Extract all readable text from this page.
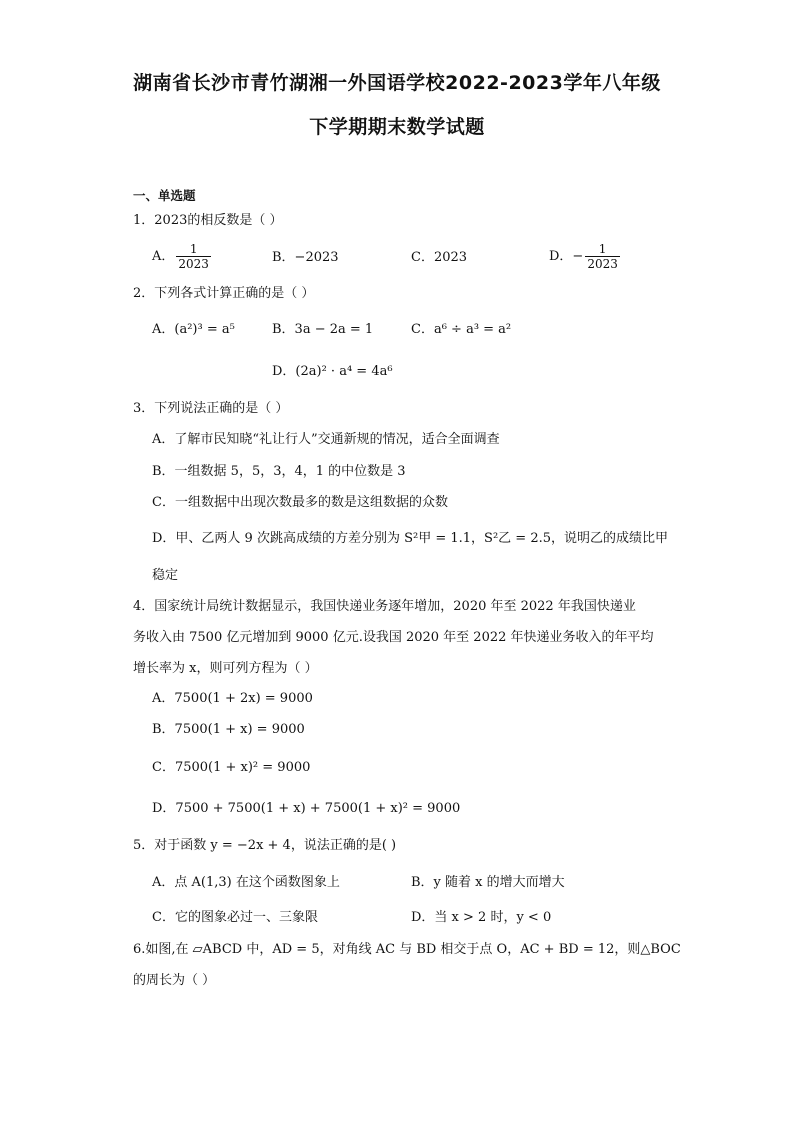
湖南省长沙市青竹湖湘一外国语学校2022-2023学年八年级
下学期期末数学试题
一、单选题
1．2023的相反数是（ ）
A． $\frac{1}{2023}$	B．−2023	C．2023	D．− $\frac{1}{2023}$
2．下列各式计算正确的是（ ）
A．(a²)³ = a⁵	B．3a − 2a = 1	C．a⁶ ÷ a³ = a²
D．(2a)² · a⁴ = 4a⁶
3．下列说法正确的是（ ）
A．了解市民知晓“礼让行人”交通新规的情况，适合全面调查
B．一组数据 5，5，3，4，1 的中位数是 3
C．一组数据中出现次数最多的数是这组数据的众数
D．甲、乙两人 9 次跳高成绩的方差分别为 S²甲 = 1.1，S²乙 = 2.5，说明乙的成绩比甲
稳定
4．国家统计局统计数据显示，我国快递业务逐年增加，2020 年至 2022 年我国快递业
务收入由 7500 亿元增加到 9000 亿元.设我国 2020 年至 2022 年快递业务收入的年平均
增长率为 x，则可列方程为（ ）
A．7500(1 + 2x) = 9000
B．7500(1 + x) = 9000
C．7500(1 + x)² = 9000
D．7500 + 7500(1 + x) + 7500(1 + x)² = 9000
5．对于函数 y = −2x + 4，说法正确的是( )
A．点 A(1,3) 在这个函数图象上	B．y 随着 x 的增大而增大
C．它的图象必过一、三象限	D．当 x > 2 时，y < 0
6.如图,在 ▱ABCD 中，AD = 5，对角线 AC 与 BD 相交于点 O，AC + BD = 12，则△BOC
的周长为（ ）
